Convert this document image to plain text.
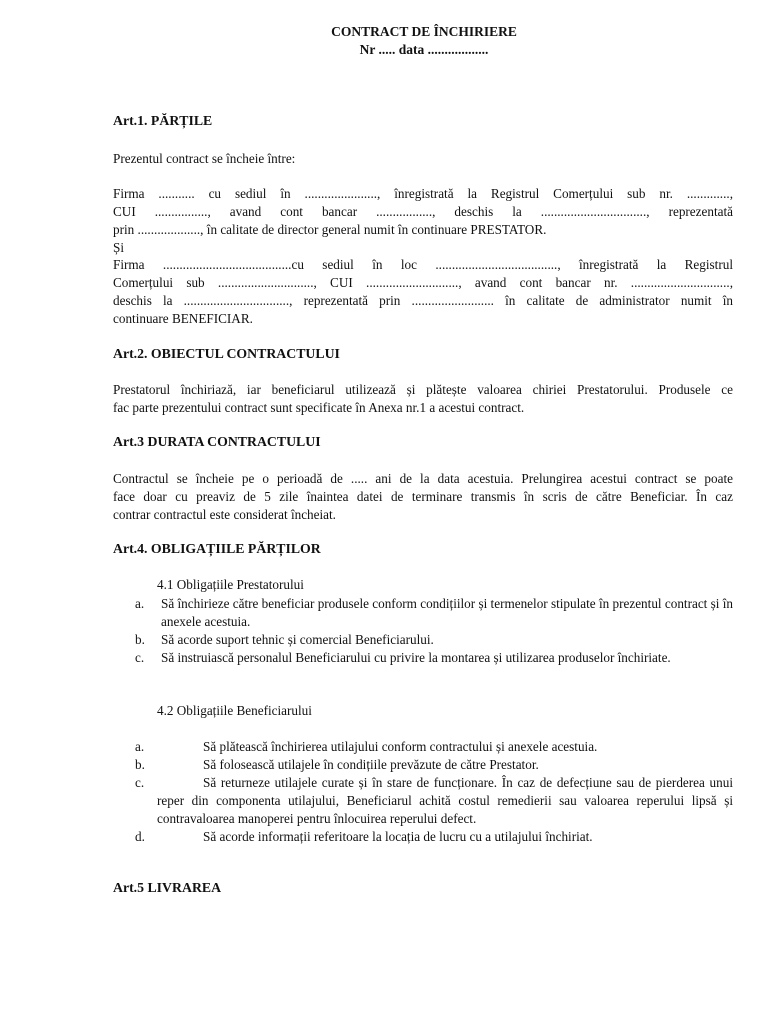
CONTRACT DE ÎNCHIRIERE
Nr ..... data ..................
Art.1. PĂRȚILE
Prezentul contract se încheie între:
Firma ........... cu sediul în ......................, înregistrată la Registrul Comerțului sub nr. .............,
CUI ................, avand cont bancar ................., deschis la ................................, reprezentată
prin ..................., în calitate de director general numit în continuare PRESTATOR.
Și
Firma .......................................cu sediul în loc ....................................., înregistrată la Registrul
Comerțului sub ............................., CUI ............................, avand cont bancar nr. ..............................,
deschis la ................................, reprezentată prin ......................... în calitate de administrator numit în
continuare BENEFICIAR.
Art.2. OBIECTUL CONTRACTULUI
Prestatorul închiriază, iar beneficiarul utilizează și plătește valoarea chiriei Prestatorului. Produsele ce
fac parte prezentului contract sunt specificate în Anexa nr.1 a acestui contract.
Art.3 DURATA CONTRACTULUI
Contractul se încheie pe o perioadă de ..... ani de la data acestuia. Prelungirea acestui contract se poate
face doar cu preaviz de 5 zile înaintea datei de terminare transmis în scris de către Beneficiar. În caz
contrar contractul este considerat încheiat.
Art.4. OBLIGAȚIILE PĂRȚILOR
4.1 Obligațiile Prestatorului
a. Să închirieze către beneficiar produsele conform condițiilor și termenelor stipulate în prezentul contract și în anexele acestuia.
b. Să acorde suport tehnic și comercial Beneficiarului.
c. Să instruiască personalul Beneficiarului cu privire la montarea și utilizarea produselor închiriate.
4.2 Obligațiile Beneficiarului
a.	Să plătească închirierea utilajului conform contractului și anexele acestuia.
b.	Să folosească utilajele în condițiile prevăzute de către Prestator.
c.	Să returneze utilajele curate și în stare de funcționare. În caz de defecțiune sau de pierderea unui reper din componenta utilajului, Beneficiarul achită costul remedierii sau valoarea reperului lipsă și contravaloarea manoperei pentru înlocuirea reperului defect.
d.	Să acorde informații referitoare la locația de lucru cu a utilajului închiriat.
Art.5 LIVRAREA
